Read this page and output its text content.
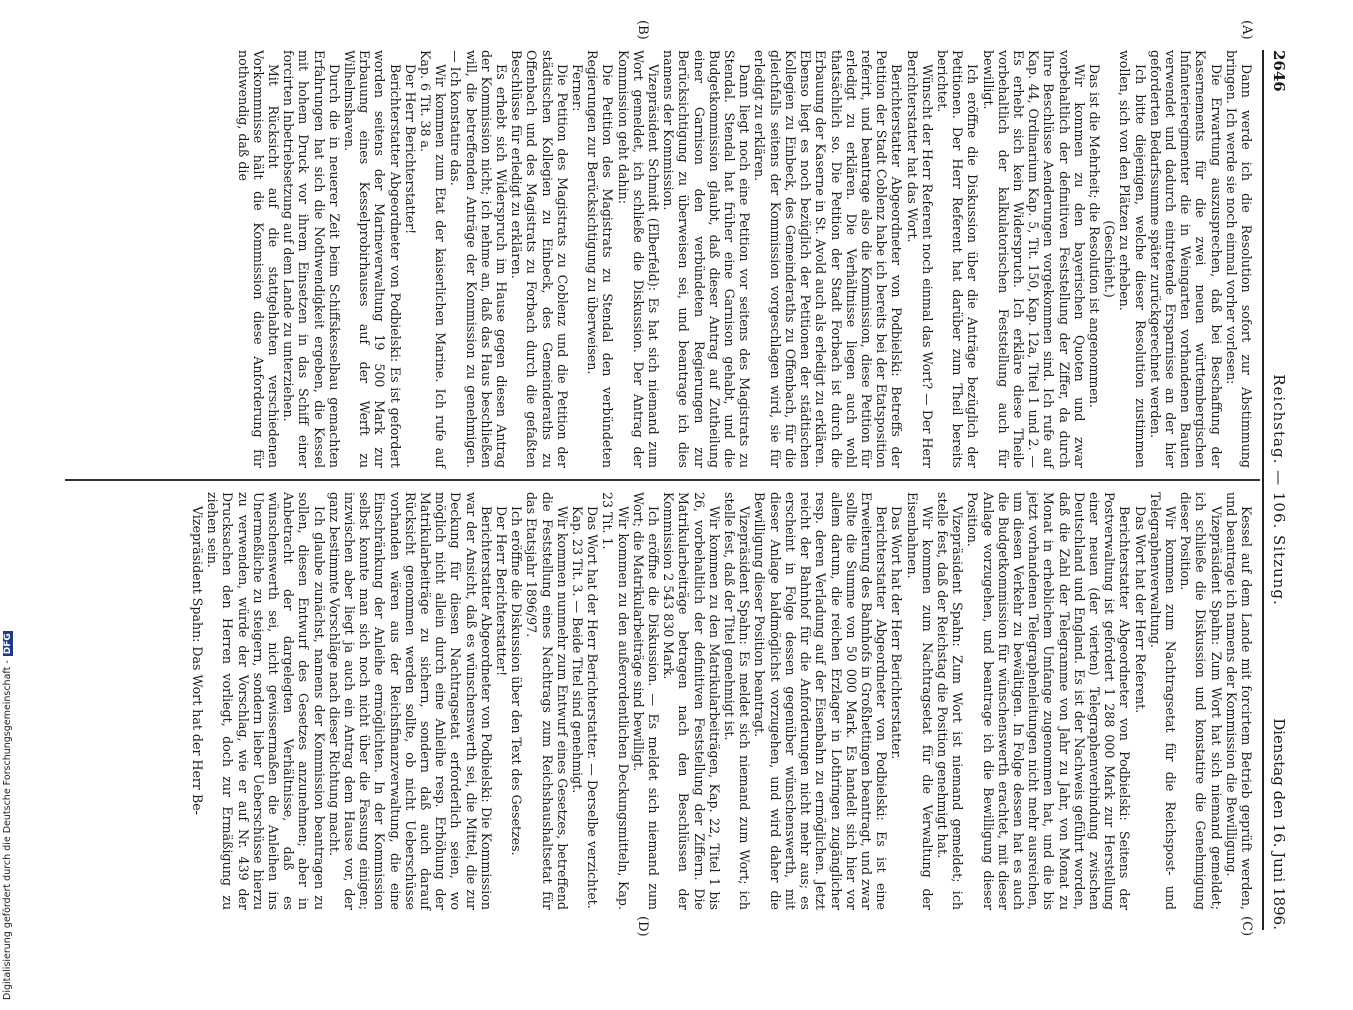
2646
Reichstag. — 106. Sitzung.
Dienstag den 16. Juni 1896.
(A)
(B)
(C)
(D)

Dann werde ich die Resolution sofort zur Abstimmung bringen. Ich werde sie noch einmal vorher vorlesen:

Die Erwartung auszusprechen, daß bei Beschaffung der Kasernements für die zwei neuen württembergischen Infanterieregimenter die in Weingarten vorhandenen Bauten verwendet und dadurch eintretende Ersparnisse an der hier geforderten Bedarfssumme später zurückgerechnet werden.

Ich bitte diejenigen, welche dieser Resolution zustimmen wollen, sich von den Plätzen zu erheben.

(Geschieht.)

Das ist die Mehrheit; die Resolution ist angenommen.

Wir kommen zu den bayerischen Quoten und zwar vorbehaltlich der definitiven Feststellung der Ziffer, da durch Ihre Beschlüsse Aenderungen vorgekommen sind. Ich rufe auf Kap. 44, Ordinarium Kap. 5, Tit. 150, Kap. 12a, Titel 1 und 2. — Es erhebt sich kein Widerspruch. Ich erkläre diese Theile vorbehaltlich der kalkulatorischen Feststellung auch für bewilligt.

Ich eröffne die Diskussion über die Anträge bezüglich der Petitionen. Der Herr Referent hat darüber zum Theil bereits berichtet.

Wünscht der Herr Referent noch einmal das Wort? — Der Herr Berichterstatter hat das Wort.

Berichterstatter Abgeordneter von Podbielski: Betreffs der Petition der Stadt Coblenz habe ich bereits bei der Etatsposition referirt, und beantrage also die Kommission, diese Petition für erledigt zu erklären. Die Verhältnisse liegen auch wohl thatsächlich so. Die Petition der Stadt Forbach ist durch die Erbauung der Kaserne in St. Avold auch als erledigt zu erklären. Ebenso liegt es noch bezüglich der Petitionen der städtischen Kollegien zu Einbeck, des Gemeinderaths zu Offenbach, für die gleichfalls seitens der Kommission vorgeschlagen wird, sie für erledigt zu erklären.

Dann liegt noch eine Petition vor seitens des Magistrats zu Stendal. Stendal hat früher eine Garnison gehabt, und die Budgetkommission glaubt, daß dieser Antrag auf Zutheilung einer Garnison den verbündeten Regierungen zur Berücksichtigung zu überweisen sei, und beantrage ich dies namens der Kommission.

Vizepräsident Schmidt (Elberfeld): Es hat sich niemand zum Wort gemeldet, ich schließe die Diskussion. Der Antrag der Kommission geht dahin:

Die Petition des Magistrats zu Stendal den verbündeten Regierungen zur Berücksichtigung zu überweisen.

Ferner:

Die Petition des Magistrats zu Coblenz und die Petition der städtischen Kollegien zu Einbeck, des Gemeinderaths zu Offenbach und des Magistrats zu Forbach durch die gefaßten Beschlüsse für erledigt zu erklären.

Es erhebt sich Widerspruch im Hause gegen diesen Antrag der Kommission nicht; ich nehme an, daß das Haus beschließen will, die betreffenden Anträge der Kommission zu genehmigen. — Ich konstatire das.

Wir kommen zum Etat der kaiserlichen Marine. Ich rufe auf Kap. 6 Tit. 38 a.

Der Herr Berichterstatter!

Berichterstatter Abgeordneter von Podbielski: Es ist gefordert worden seitens der Marineverwaltung 19 500 Mark zur Erbauung eines Kesselprobirhauses auf der Werft zu Wilhelmshaven.

Durch die in neuerer Zeit beim Schiffskesselbau gemachten Erfahrungen hat sich die Nothwendigkeit ergeben, die Kessel mit hohem Druck vor ihrem Einsetzen in das Schiff einer forcirten Inbetriebsetzung auf dem Lande zu unterziehen.

Mit Rücksicht auf die stattgehabten verschiedenen Vorkommnisse hält die Kommission diese Anforderung für nothwendig, daß die

Kessel auf dem Lande mit forcirtem Betrieb geprüft werden, und beantrage ich namens der Kommission die Bewilligung.

Vizepräsident Spahn: Zum Wort hat sich niemand gemeldet; ich schließe die Diskussion und konstatire die Genehmigung dieser Position.

Wir kommen zum Nachtragsetat für die Reichspost- und Telegraphenverwaltung.

Das Wort hat der Herr Referent.

Berichterstatter Abgeordneter von Podbielski: Seitens der Postverwaltung ist gefordert 1 288 000 Mark zur Herstellung einer neuen (der vierten) Telegraphenverbindung zwischen Deutschland und England. Es ist der Nachweis geführt worden, daß die Zahl der Telegramme von Jahr zu Jahr, von Monat zu Monat in erheblichem Umfange zugenommen hat, und die bis jetzt vorhandenen Telegraphenleitungen nicht mehr ausreichen, um diesen Verkehr zu bewältigen. In Folge dessen hat es auch die Budgetkommission für wünschenswerth erachtet, mit dieser Anlage vorzugehen, und beantrage ich die Bewilligung dieser Position.

Vizepräsident Spahn: Zum Wort ist niemand gemeldet; ich stelle fest, daß der Reichstag die Position genehmigt hat.

Wir kommen zum Nachtragsetat für die Verwaltung der Eisenbahnen.

Das Wort hat der Herr Berichterstatter.

Berichterstatter Abgeordneter von Podbielski: Es ist eine Erweiterung des Bahnhofs in Großhettingen beantragt, und zwar sollte die Summe von 50 000 Mark. Es handelt sich hier vor allem darum, die reichen Erzlager in Lothringen zugänglicher resp. deren Verladung auf der Eisenbahn zu ermöglichen. Jetzt reicht der Bahnhof für die Anforderungen nicht mehr aus; es erscheint in Folge dessen gegenüber wünschenswerth, mit dieser Anlage baldmöglichst vorzugehen, und wird daher die Bewilligung dieser Position beantragt.

Vizepräsident Spahn: Es meldet sich niemand zum Wort; ich stelle fest, daß der Titel genehmigt ist.

Wir kommen zu den Matrikularbeiträgen, Kap. 22, Titel 1 bis 26, vorbehaltlich der definitiven Feststellung der Ziffern. Die Matrikularbeiträge betragen nach den Beschlüssen der Kommission 2 543 830 Mark.

Ich eröffne die Diskussion. — Es meldet sich niemand zum Wort; die Matrikularbeiträge sind bewilligt.

Wir kommen zu den außerordentlichen Deckungsmitteln, Kap. 23 Tit. 1.

Das Wort hat der Herr Berichterstatter. — Derselbe verzichtet.

Kap. 23 Tit. 3. — Beide Titel sind genehmigt.

Wir kommen nunmehr zum Entwurf eines Gesetzes, betreffend die Feststellung eines Nachtrags zum Reichshaushaltsetat für das Etatsjahr 1896/97.

Ich eröffne die Diskussion über den Text des Gesetzes.

Der Herr Berichterstatter!

Berichterstatter Abgeordneter von Podbielski: Die Kommission war der Ansicht, daß es wünschenswerth sei, die Mittel, die zur Deckung für diesen Nachtragsetat erforderlich seien, wo möglich nicht allein durch eine Anleihe resp. Erhöhung der Matrikularbeiträge zu sichern, sondern daß auch darauf Rücksicht genommen werden sollte, ob nicht Ueberschüsse vorhanden wären aus der Reichsfinanzverwaltung, die eine Einschränkung der Anleihe ermöglichten. In der Kommission selbst konnte man sich noch nicht über die Fassung einigen; inzwischen aber liegt ja auch ein Antrag dem Hause vor, der ganz bestimmte Vorschläge nach dieser Richtung macht.

Ich glaube zunächst, namens der Kommission beantragen zu sollen, diesen Entwurf des Gesetzes anzunehmen; aber in Anbetracht der dargelegten Verhältnisse, daß es wünschenswerth sei, nicht gewissermaßen die Anleihen ins Unermeßliche zu steigern, sondern lieber Ueberschüsse hierzu zu verwenden, würde der Vorschlag, wie er auf Nr. 439 der Drucksachen den Herren vorliegt, doch zur Ermäßigung zu ziehen sein.

Vizepräsident Spahn: Das Wort hat der Herr Be-

Digitalisierung gefördert durch die Deutsche Forschungsgemeinschaft -DFG
